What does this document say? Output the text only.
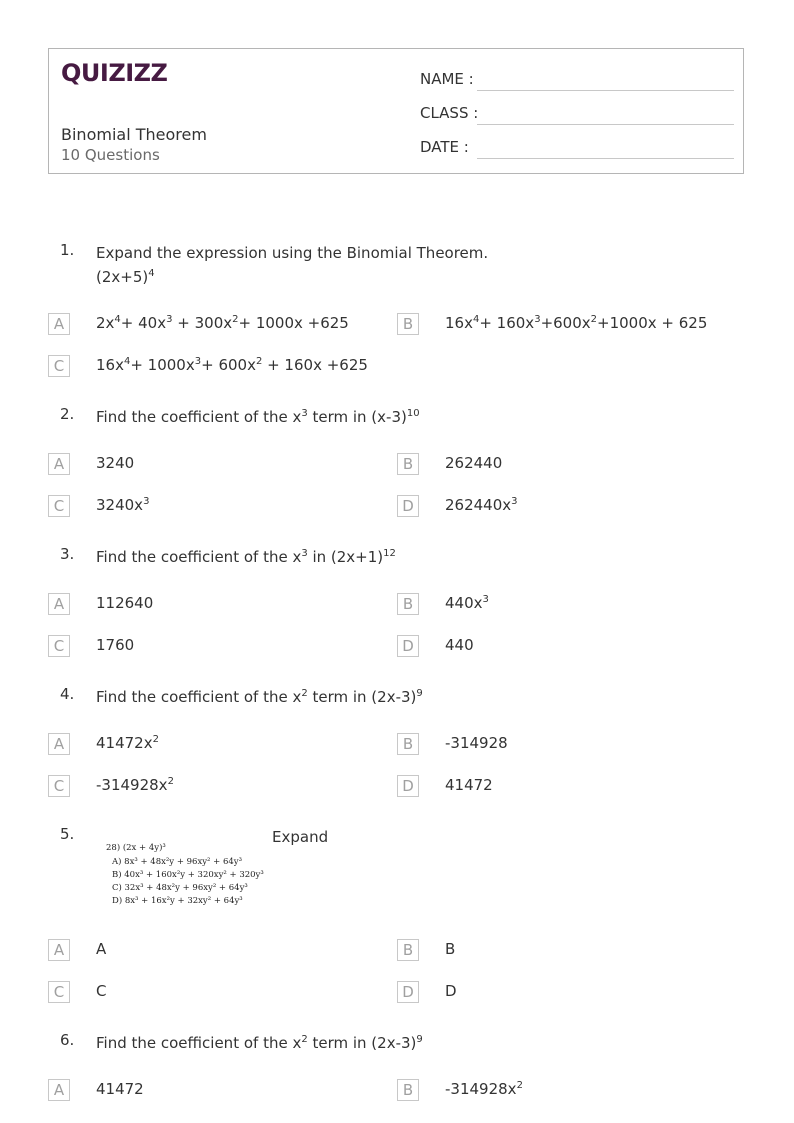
QUIZIZZ
Binomial Theorem
10 Questions
NAME :
CLASS :
DATE :
1. Expand the expression using the Binomial Theorem.
$(2x+5)^4$
A	$2x^4+ 40x^3 + 300x^2+ 1000x +625$	B	$16x^4+ 160x^3+600x^2+1000x + 625$
C	$16x^4+ 1000x^3+ 600x^2 + 160x +625$
2. Find the coefficient of the $x^3$ term in $(x-3)^{10}$
A	3240	B	262440
C	$3240x^3$	D	$262440x^3$
3. Find the coefficient of the $x^3$ in $(2x+1)^{12}$
A	112640	B	$440x^3$
C	1760	D	440
4. Find the coefficient of the $x^2$ term in $(2x-3)^9$
A	$41472x^2$	B	-314928
C	$-314928x^2$	D	41472
5.	Expand
28) (2x + 4y)³
A) 8x³ + 48x²y + 96xy² + 64y³
B) 40x³ + 160x²y + 320xy² + 320y³
C) 32x³ + 48x²y + 96xy² + 64y³
D) 8x³ + 16x²y + 32xy² + 64y³
A	A	B	B
C	C	D	D
6. Find the coefficient of the $x^2$ term in $(2x-3)^9$
A	41472	B	$-314928x^2$
